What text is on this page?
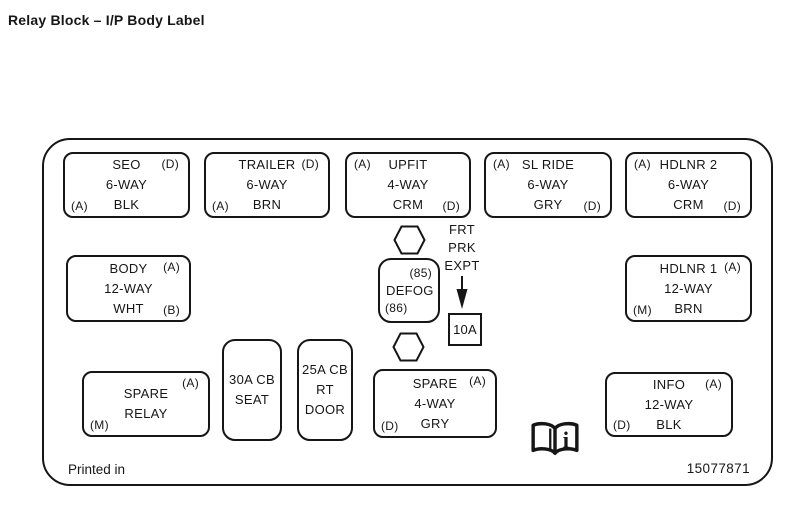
Relay Block – I/P Body Label
SEO
6-WAY
BLK
(D)
(A)
TRAILER
6-WAY
BRN
(D)
(A)
UPFIT
4-WAY
CRM
(A)
(D)
SL RIDE
6-WAY
GRY
(A)
(D)
HDLNR 2
6-WAY
CRM
(A)
(D)
BODY
12-WAY
WHT
(A)
(B)
DEFOG
(85)
(86)
FRT
PRK
EXPT
10A
HDLNR 1
12-WAY
BRN
(A)
(M)
SPARE
RELAY
(A)
(M)
30A CB
SEAT
25A CB
RT
DOOR
SPARE
4-WAY
GRY
(A)
(D)
i
INFO
12-WAY
BLK
(A)
(D)
Printed in	15077871
